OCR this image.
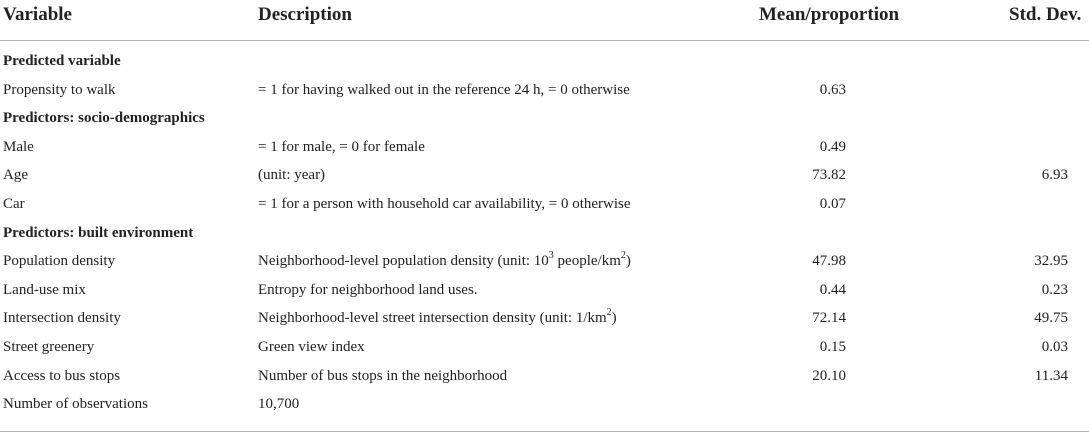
Variable	Description	Mean/proportion	Std. Dev.
Predicted variable
Propensity to walk	= 1 for having walked out in the reference 24 h, = 0 otherwise	0.63
Predictors: socio-demographics
Male	= 1 for male, = 0 for female	0.49
Age	(unit: year)	73.82	6.93
Car	= 1 for a person with household car availability, = 0 otherwise	0.07
Predictors: built environment
Population density	Neighborhood-level population density (unit: $10^3$ people/$km^2$)	47.98	32.95
Land-use mix	Entropy for neighborhood land uses.	0.44	0.23
Intersection density	Neighborhood-level street intersection density (unit: $1/km^2$)	72.14	49.75
Street greenery	Green view index	0.15	0.03
Access to bus stops	Number of bus stops in the neighborhood	20.10	11.34
Number of observations	10,700
